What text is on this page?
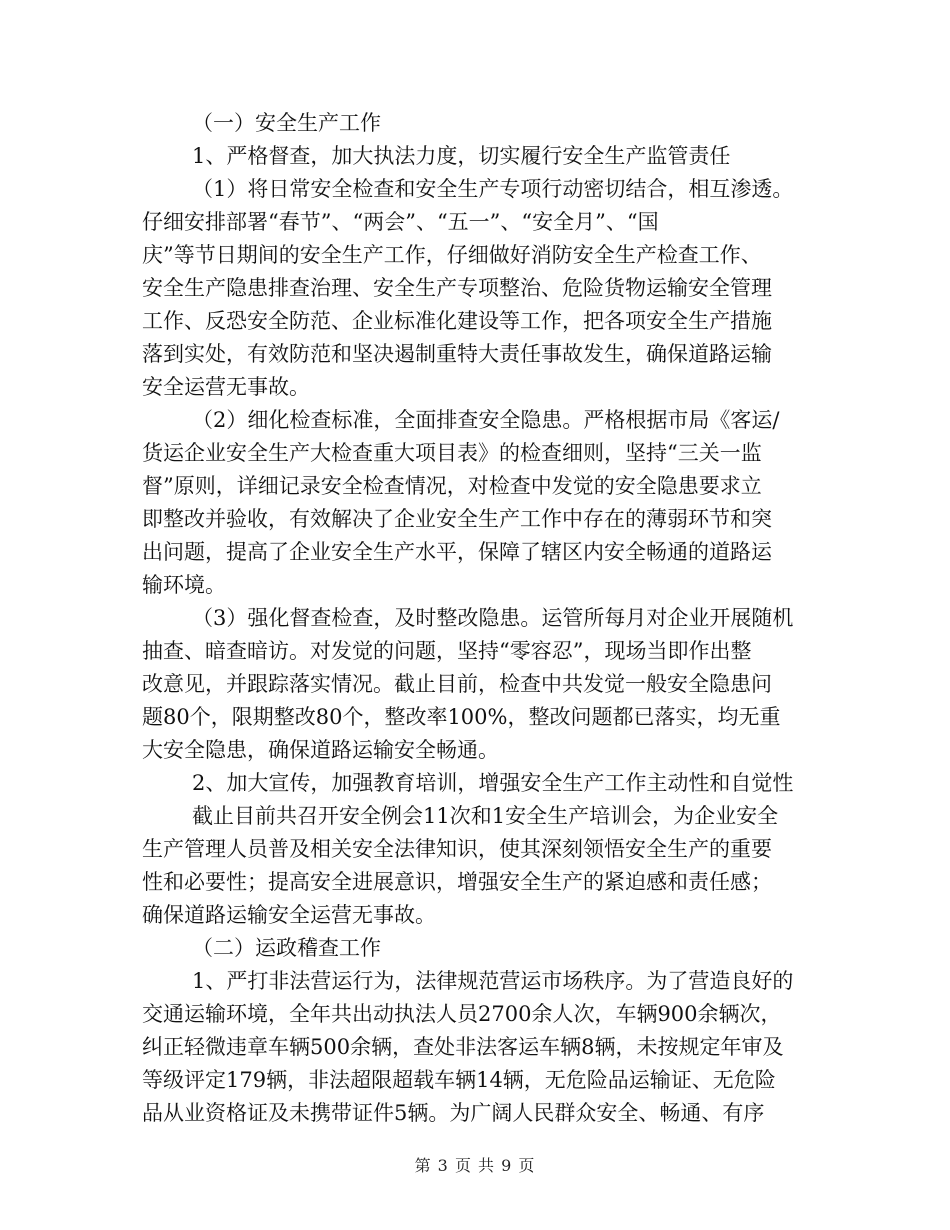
（一）安全生产工作
1、严格督查，加大执法力度，切实履行安全生产监管责任
（1）将日常安全检查和安全生产专项行动密切结合，相互渗透。
仔细安排部署“春节”、“两会”、“五一”、“安全月”、“国
庆”等节日期间的安全生产工作，仔细做好消防安全生产检查工作、
安全生产隐患排查治理、安全生产专项整治、危险货物运输安全管理
工作、反恐安全防范、企业标准化建设等工作，把各项安全生产措施
落到实处，有效防范和坚决遏制重特大责任事故发生，确保道路运输
安全运营无事故。
（2）细化检查标准，全面排查安全隐患。严格根据市局《客运/
货运企业安全生产大检查重大项目表》的检查细则，坚持“三关一监
督”原则，详细记录安全检查情况，对检查中发觉的安全隐患要求立
即整改并验收，有效解决了企业安全生产工作中存在的薄弱环节和突
出问题，提高了企业安全生产水平，保障了辖区内安全畅通的道路运
输环境。
（3）强化督查检查，及时整改隐患。运管所每月对企业开展随机
抽查、暗查暗访。对发觉的问题，坚持“零容忍”，现场当即作出整
改意见，并跟踪落实情况。截止目前，检查中共发觉一般安全隐患问
题80个，限期整改80个，整改率100%，整改问题都已落实，均无重
大安全隐患，确保道路运输安全畅通。
2、加大宣传，加强教育培训，增强安全生产工作主动性和自觉性
截止目前共召开安全例会11次和1安全生产培训会，为企业安全
生产管理人员普及相关安全法律知识，使其深刻领悟安全生产的重要
性和必要性；提高安全进展意识，增强安全生产的紧迫感和责任感；
确保道路运输安全运营无事故。
（二）运政稽查工作
1、严打非法营运行为，法律规范营运市场秩序。为了营造良好的
交通运输环境，全年共出动执法人员2700余人次，车辆900余辆次，
纠正轻微违章车辆500余辆，查处非法客运车辆8辆，未按规定年审及
等级评定179辆，非法超限超载车辆14辆，无危险品运输证、无危险
品从业资格证及未携带证件5辆。为广阔人民群众安全、畅通、有序
第 3 页 共 9 页
